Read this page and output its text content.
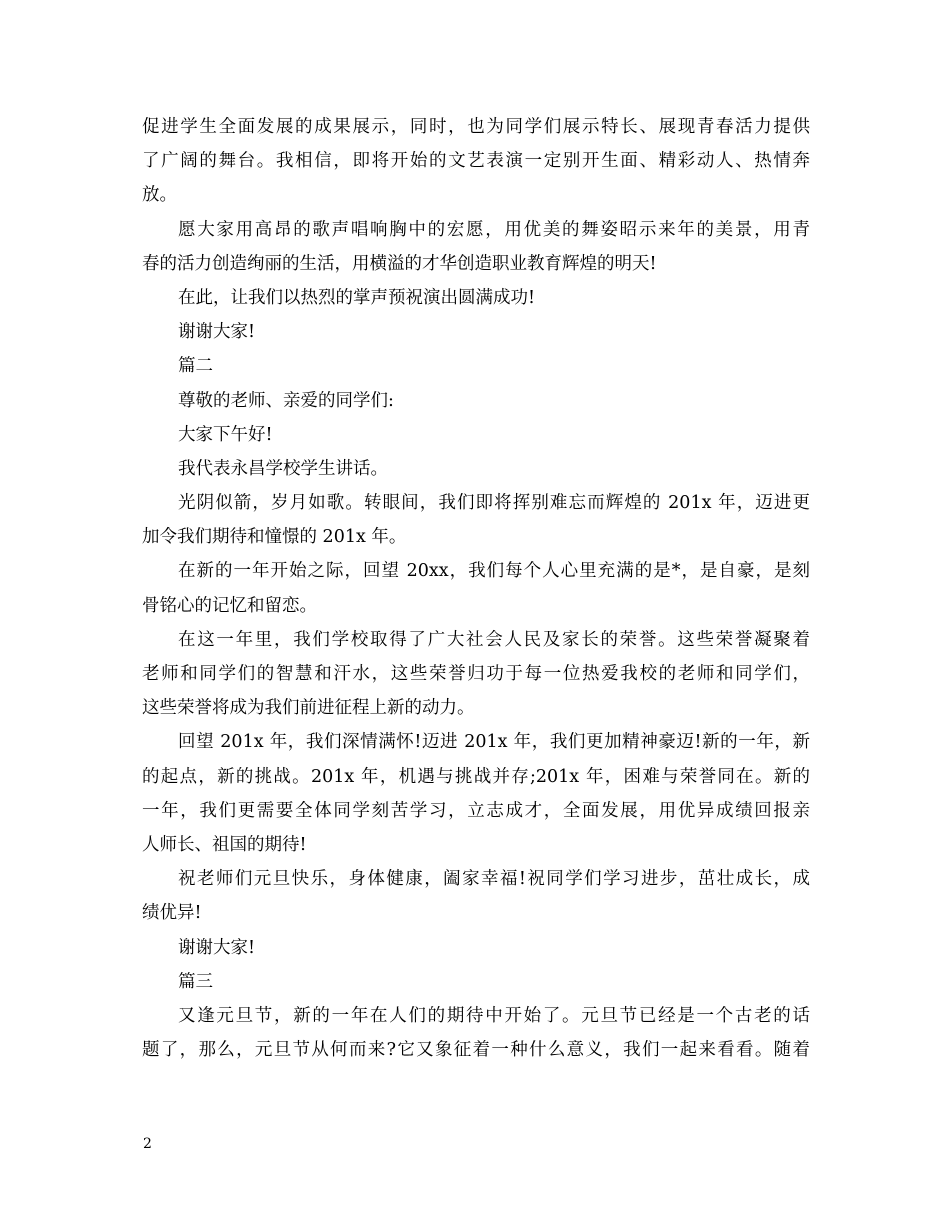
促进学生全面发展的成果展示，同时，也为同学们展示特长、展现青春活力提供
了广阔的舞台。我相信，即将开始的文艺表演一定别开生面、精彩动人、热情奔
放。
愿大家用高昂的歌声唱响胸中的宏愿，用优美的舞姿昭示来年的美景，用青
春的活力创造绚丽的生活，用横溢的才华创造职业教育辉煌的明天!
在此，让我们以热烈的掌声预祝演出圆满成功!
谢谢大家!
篇二
尊敬的老师、亲爱的同学们:
大家下午好!
我代表永昌学校学生讲话。
光阴似箭，岁月如歌。转眼间，我们即将挥别难忘而辉煌的 201x 年，迈进更
加令我们期待和憧憬的 201x 年。
在新的一年开始之际，回望 20xx，我们每个人心里充满的是*，是自豪，是刻
骨铭心的记忆和留恋。
在这一年里，我们学校取得了广大社会人民及家长的荣誉。这些荣誉凝聚着
老师和同学们的智慧和汗水，这些荣誉归功于每一位热爱我校的老师和同学们，
这些荣誉将成为我们前进征程上新的动力。
回望 201x 年，我们深情满怀!迈进 201x 年，我们更加精神豪迈!新的一年，新
的起点，新的挑战。201x 年，机遇与挑战并存;201x 年，困难与荣誉同在。新的
一年，我们更需要全体同学刻苦学习，立志成才，全面发展，用优异成绩回报亲
人师长、祖国的期待!
祝老师们元旦快乐，身体健康，阖家幸福!祝同学们学习进步，茁壮成长，成
绩优异!
谢谢大家!
篇三
又逢元旦节，新的一年在人们的期待中开始了。元旦节已经是一个古老的话
题了，那么，元旦节从何而来?它又象征着一种什么意义，我们一起来看看。随着
2
